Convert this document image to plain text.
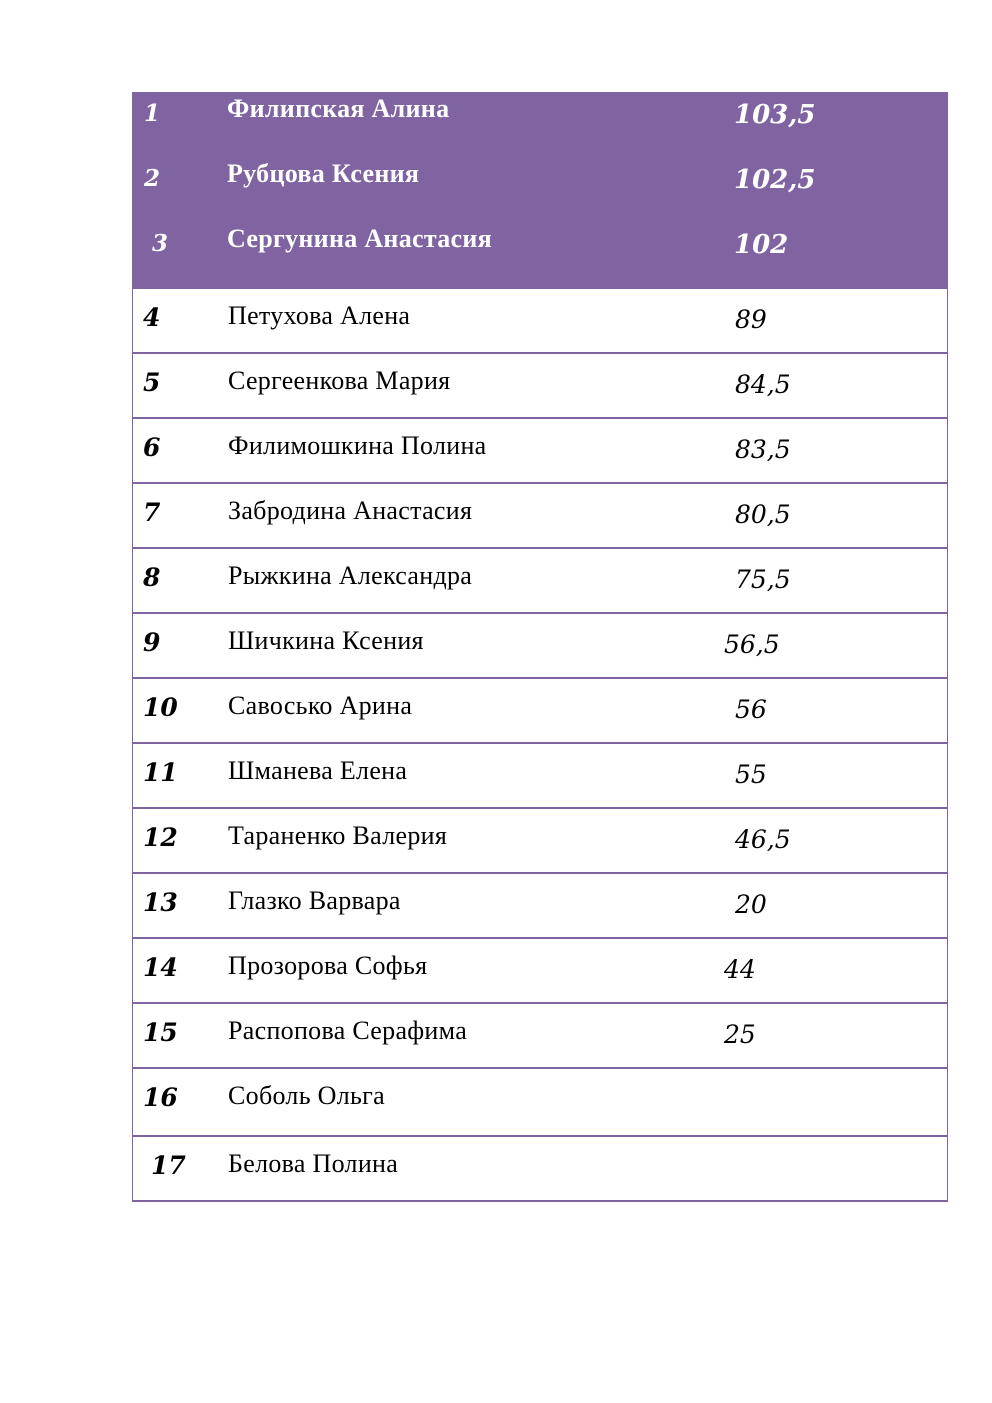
1	Филипская Алина	103,5
2	Рубцова Ксения	102,5
3 Сергунина Анастасия	102
4	Петухова Алена	89
5	Сергеенкова Мария	84,5
6	Филимошкина Полина	83,5
7	Забродина Анастасия	80,5
8	Рыжкина Александра	75,5
9	Шичкина Ксения	56,5
10 Савосько Арина	56
11 Шманева Елена	55
12 Тараненко Валерия	46,5
13 Глазко Варвара	20
14 Прозорова Софья	44
15 Распопова Серафима	25
16 Соболь Ольга
17 Белова Полина
